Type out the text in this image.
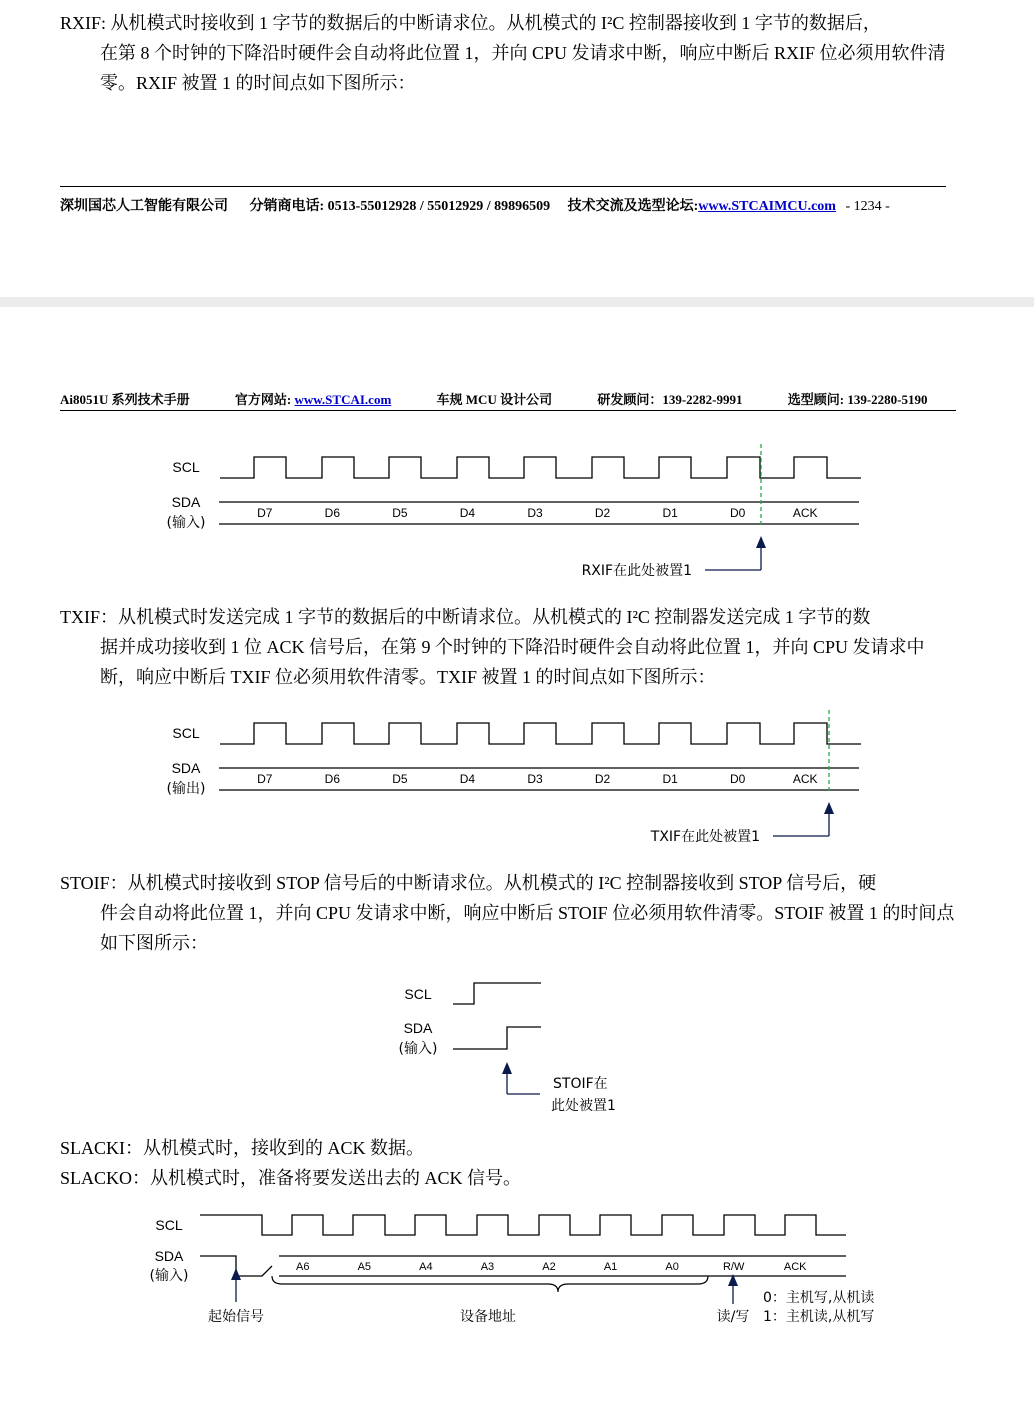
RXIF: 从机模式时接收到 1 字节的数据后的中断请求位。从机模式的 I²C 控制器接收到 1 字节的数据后，
在第 8 个时钟的下降沿时硬件会自动将此位置 1，并向 CPU 发请求中断，响应中断后 RXIF 位必须用软件清零。RXIF 被置 1 的时间点如下图所示：
深圳国芯人工智能有限公司 分销商电话: 0513-55012928 / 55012929 / 89896509 技术交流及选型论坛:www.STCAIMCU.com - 1234 -
Ai8051U 系列技术手册	官方网站: www.STCAI.com	车规 MCU 设计公司	研发顾问：139-2282-9991	选型顾问: 139-2280-5190
SCL
SDA
(输入)
D7	D6	D5	D4	D3	D2	D1	D0	ACK
RXIF在此处被置1
TXIF：从机模式时发送完成 1 字节的数据后的中断请求位。从机模式的 I²C 控制器发送完成 1 字节的数
据并成功接收到 1 位 ACK 信号后，在第 9 个时钟的下降沿时硬件会自动将此位置 1，并向 CPU 发请求中断，响应中断后 TXIF 位必须用软件清零。TXIF 被置 1 的时间点如下图所示：
SCL
SDA
(输出)
D7	D6	D5	D4	D3	D2	D1	D0	ACK
TXIF在此处被置1
STOIF：从机模式时接收到 STOP 信号后的中断请求位。从机模式的 I²C 控制器接收到 STOP 信号后，硬
件会自动将此位置 1，并向 CPU 发请求中断，响应中断后 STOIF 位必须用软件清零。STOIF 被置 1 的时间点如下图所示：
SCL
SDA
(输入)
STOIF在
此处被置1
SLACKI：从机模式时，接收到的 ACK 数据。
SLACKO：从机模式时，准备将要发送出去的 ACK 信号。
SCL
SDA
(输入)
A6	A5	A4	A3	A2	A1	A0	R/W	ACK
起始信号	设备地址	读/写
0：主机写,从机读
1：主机读,从机写
